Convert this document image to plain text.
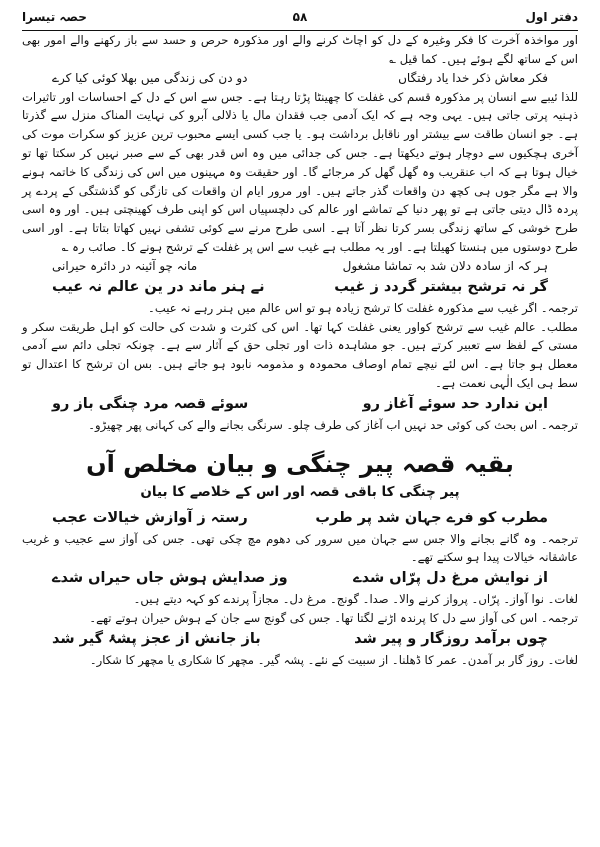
دفتر اول
۵۸
حصہ تیسرا

اور مواخذہ آخرت کا فکر وغیرہ کے دل کو اچاٹ کرنے والے اور مذکورہ حرص و حسد سے باز رکھنے والے امور بھی اس کے ساتھ لگے ہوئے ہیں۔ کما قیل ؎

فکر معاش ذکر خدا یاد رفتگاں
دو دن کی زندگی میں بھلا کوئی کیا کرے

للذا ئیبے سے انسان پر مذکورہ قسم کی غفلت کا چھینٹا پڑتا رہتا ہے۔ جس سے اس کے دل کے احساسات اور تاثیرات ذہنیہ پرتی جاتی ہیں۔ یہی وجہ ہے کہ ایک آدمی جب فقدان مال یا ذلالی آبرو کی نہایت المناک منزل سے گذرتا ہے۔ جو انسان طاقت سے بیشتر اور ناقابل برداشت ہو۔ یا جب کسی ایسے محبوب ترین عزیز کو سکرات موت کی آخری ہچکیوں سے دوچار ہوتے دیکھتا ہے۔ جس کی جدائی میں وہ اس قدر بھی کے سے صبر نہیں کر سکتا تھا تو خیال ہوتا ہے کہ اب عنقریب وہ گھل گھل کر مرجائے گا۔ اور حقیقت وہ مہینوں میں اس کی زندگی کا خاتمہ ہونے والا ہے مگر جوں ہی کچھ دن واقعات گذر جاتے ہیں۔ اور مرور ایام ان واقعات کی تازگی کو گذشتگی کے پردے پر پردہ ڈال دیتی جاتی ہے تو پھر دنیا کے تماشے اور عالم کی دلچسپیاں اس کو اپنی طرف کھینچتی ہیں۔ اور وہ اسی طرح خوشی کے ساتھ زندگی بسر کرتا نظر آتا ہے۔ اسی طرح مرنے سے کوئی تشفی نہیں کھاتا بتاتا ہے۔ اور اسی طرح دوستوں میں ہنستا کھیلتا ہے۔ اور یہ مطلب ہے غیب سے اس پر غفلت کے ترشح ہونے کا۔ صائب رہ ؎

ہر کہ از سادہ دلان شد بہ تماشا مشغول
مانہ چو آئینہ در دائرہ حیرانی
گر نہ ترشح بیشتر گردد ز غیب
نے ہنر ماند در ین عالم نہ عیب

ترجمہ۔ اگر غیب سے مذکورہ غفلت کا ترشح زیادہ ہو تو اس عالم میں ہنر رہے نہ عیب۔

مطلب۔ عالم غیب سے ترشح کواور یعنی غفلت کہا تھا۔ اس کی کثرت و شدت کی حالت کو اہل طریقت سکر و مستی کے لفظ سے تعبیر کرتے ہیں۔ جو مشاہدہ ذات اور تجلی حق کے آثار سے ہے۔ چونکہ تجلی دائم سے آدمی معطل ہو جاتا ہے۔ اس لئے نیچے تمام اوصاف محمودہ و مذمومہ نابود ہو جاتے ہیں۔ بس ان ترشح کا اعتدال تو سط ہی ایک الٰہی نعمت ہے۔

این ندارد حد سوئے آغاز رو
سوئے قصہ مرد چنگی باز رو

ترجمہ۔ اس بحث کی کوئی حد نہیں اب آغاز کی طرف چلو۔ سرنگی بجانے والے کی کہانی پھر چھیڑو۔

بقیہ قصہ پیر چنگی و بیان مخلص آں
پیر چنگی کا باقی قصہ اور اس کے خلاصے کا بیان
مطرب کو فرے جہان شد پر طرب
رستہ ز آوازش خیالات عجب

ترجمہ۔ وہ گانے بجانے والا جس سے جہان میں سرور کی دھوم مچ چکی تھی۔ جس کی آواز سے عجیب و غریب عاشقانہ خیالات پیدا ہو سکتے تھے۔

از نوایش مرغ دل پرّاں شدے
وز صدایش ہوش جاں حیراں شدے

لغات۔ نوا آواز۔ پرّاں۔ پرواز کرنے والا۔ صدا۔ گونج۔ مرغ دل۔ مجازاً پرندے کو کہہ دیتے ہیں۔

ترجمہ۔ اس کی آواز سے دل کا پرندہ اڑنے لگتا تھا۔ جس کی گونج سے جان کے ہوش حیران ہوتے تھے۔

چوں برآمد روزگار و پیر شد
باز جانش از عجز پشۂ گیر شد

لغات۔ روز گار بر آمدن۔ عمر کا ڈھلنا۔ از سبیت کے نئے۔ پشہ گیر۔ مچھر کا شکاری یا مچھر کا شکار۔
